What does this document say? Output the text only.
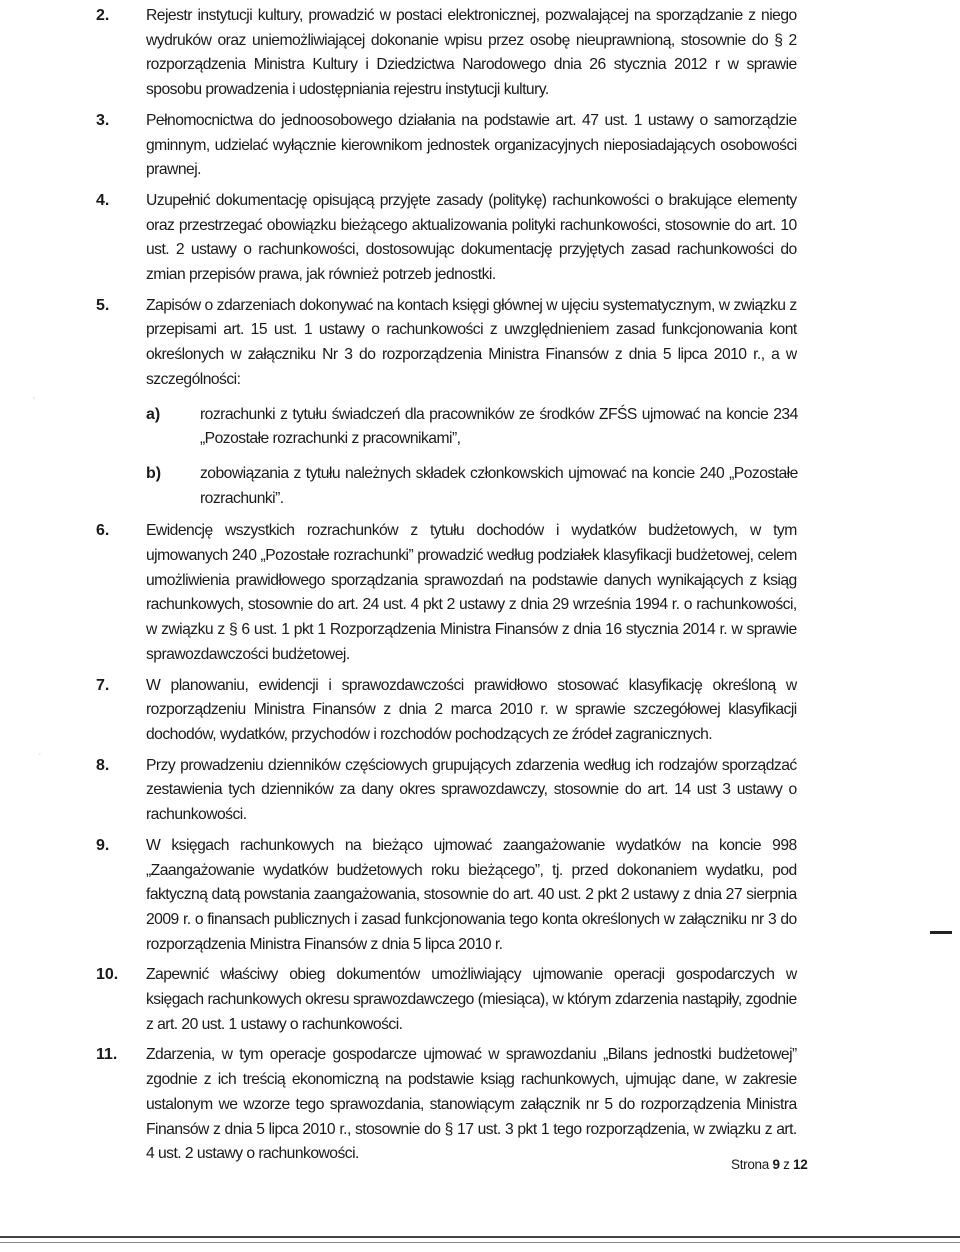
2. Rejestr instytucji kultury, prowadzić w postaci elektronicznej, pozwalającej na sporządzanie z niego wydruków oraz uniemożliwiającej dokonanie wpisu przez osobę nieuprawnioną, stosownie do § 2 rozporządzenia Ministra Kultury i Dziedzictwa Narodowego dnia 26 stycznia 2012 r w sprawie sposobu prowadzenia i udostępniania rejestru instytucji kultury.
3. Pełnomocnictwa do jednoosobowego działania na podstawie art. 47 ust. 1 ustawy o samorządzie gminnym, udzielać wyłącznie kierownikom jednostek organizacyjnych nieposiadających osobowości prawnej.
4. Uzupełnić dokumentację opisującą przyjęte zasady (politykę) rachunkowości o brakujące elementy oraz przestrzegać obowiązku bieżącego aktualizowania polityki rachunkowości, stosownie do art. 10 ust. 2 ustawy o rachunkowości, dostosowując dokumentację przyjętych zasad rachunkowości do zmian przepisów prawa, jak również potrzeb jednostki.
5. Zapisów o zdarzeniach dokonywać na kontach księgi głównej w ujęciu systematycznym, w związku z przepisami art. 15 ust. 1 ustawy o rachunkowości z uwzględnieniem zasad funkcjonowania kont określonych w załączniku Nr 3 do rozporządzenia Ministra Finansów z dnia 5 lipca 2010 r., a w szczególności:
a) rozrachunki z tytułu świadczeń dla pracowników ze środków ZFŚS ujmować na koncie 234 „Pozostałe rozrachunki z pracownikami”,
b) zobowiązania z tytułu należnych składek członkowskich ujmować na koncie 240 „Pozostałe rozrachunki”.
6. Ewidencję wszystkich rozrachunków z tytułu dochodów i wydatków budżetowych, w tym ujmowanych 240 „Pozostałe rozrachunki” prowadzić według podziałek klasyfikacji budżetowej, celem umożliwienia prawidłowego sporządzania sprawozdań na podstawie danych wynikających z ksiąg rachunkowych, stosownie do art. 24 ust. 4 pkt 2 ustawy z dnia 29 września 1994 r. o rachunkowości, w związku z § 6 ust. 1 pkt 1 Rozporządzenia Ministra Finansów z dnia 16 stycznia 2014 r. w sprawie sprawozdawczości budżetowej.
7. W planowaniu, ewidencji i sprawozdawczości prawidłowo stosować klasyfikację określoną w rozporządzeniu Ministra Finansów z dnia 2 marca 2010 r. w sprawie szczegółowej klasyfikacji dochodów, wydatków, przychodów i rozchodów pochodzących ze źródeł zagranicznych.
8. Przy prowadzeniu dzienników częściowych grupujących zdarzenia według ich rodzajów sporządzać zestawienia tych dzienników za dany okres sprawozdawczy, stosownie do art. 14 ust 3 ustawy o rachunkowości.
9. W księgach rachunkowych na bieżąco ujmować zaangażowanie wydatków na koncie 998 „Zaangażowanie wydatków budżetowych roku bieżącego”, tj. przed dokonaniem wydatku, pod faktyczną datą powstania zaangażowania, stosownie do art. 40 ust. 2 pkt 2 ustawy z dnia 27 sierpnia 2009 r. o finansach publicznych i zasad funkcjonowania tego konta określonych w załączniku nr 3 do rozporządzenia Ministra Finansów z dnia 5 lipca 2010 r.
10. Zapewnić właściwy obieg dokumentów umożliwiający ujmowanie operacji gospodarczych w księgach rachunkowych okresu sprawozdawczego (miesiąca), w którym zdarzenia nastąpiły, zgodnie z art. 20 ust. 1 ustawy o rachunkowości.
11. Zdarzenia, w tym operacje gospodarcze ujmować w sprawozdaniu „Bilans jednostki budżetowej” zgodnie z ich treścią ekonomiczną na podstawie ksiąg rachunkowych, ujmując dane, w zakresie ustalonym we wzorze tego sprawozdania, stanowiącym załącznik nr 5 do rozporządzenia Ministra Finansów z dnia 5 lipca 2010 r., stosownie do § 17 ust. 3 pkt 1 tego rozporządzenia, w związku z art. 4 ust. 2 ustawy o rachunkowości.
·
·
Strona 9 z 12
